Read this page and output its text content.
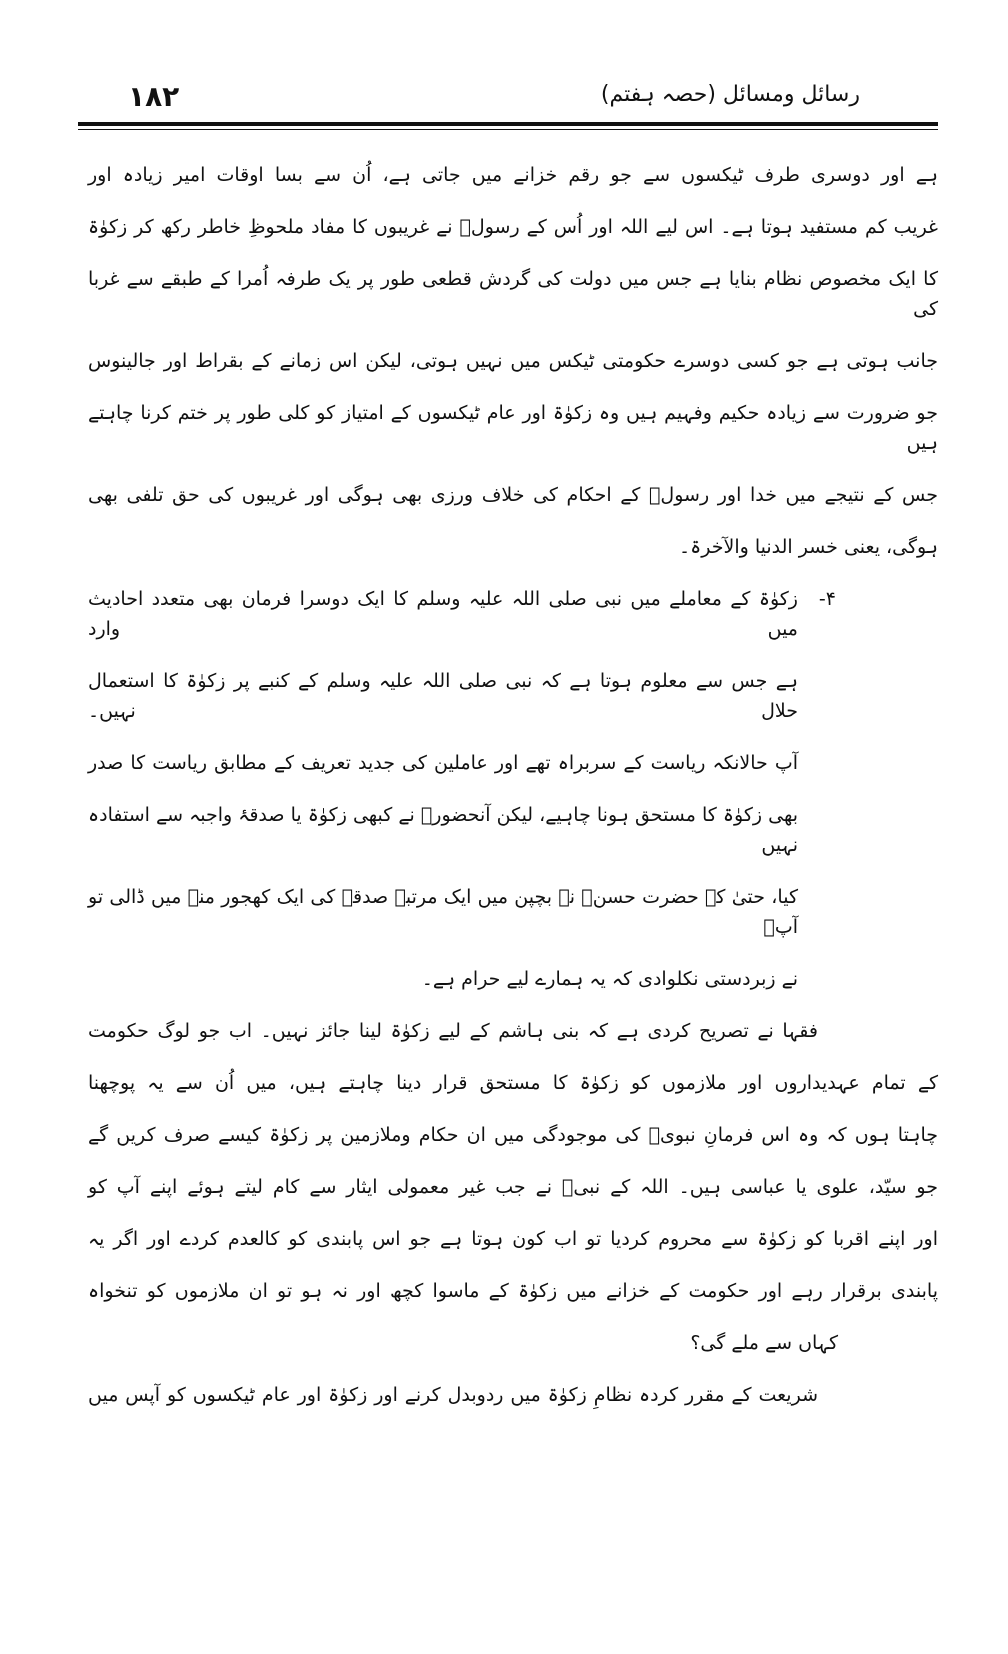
رسائل ومسائل (حصہ ہفتم)
۱۸۲
ہے اور دوسری طرف ٹیکسوں سے جو رقم خزانے میں جاتی ہے، اُن سے بسا اوقات امیر زیادہ اور
غریب کم مستفید ہوتا ہے۔ اس لیے اللہ اور اُس کے رسولؐ نے غریبوں کا مفاد ملحوظِ خاطر رکھ کر زکوٰۃ
کا ایک مخصوص نظام بنایا ہے جس میں دولت کی گردش قطعی طور پر یک طرفہ اُمرا کے طبقے سے غربا کی
جانب ہوتی ہے جو کسی دوسرے حکومتی ٹیکس میں نہیں ہوتی، لیکن اس زمانے کے بقراط اور جالینوس
جو ضرورت سے زیادہ حکیم وفہیم ہیں وہ زکوٰۃ اور عام ٹیکسوں کے امتیاز کو کلی طور پر ختم کرنا چاہتے ہیں
جس کے نتیجے میں خدا اور رسولؐ کے احکام کی خلاف ورزی بھی ہوگی اور غریبوں کی حق تلفی بھی
ہوگی، یعنی خسر الدنیا والآخرۃ۔
۴-
زکوٰۃ کے معاملے میں نبی صلی اللہ علیہ وسلم کا ایک دوسرا فرمان بھی متعدد احادیث میں وارد
ہے جس سے معلوم ہوتا ہے کہ نبی صلی اللہ علیہ وسلم کے کنبے پر زکوٰۃ کا استعمال حلال نہیں۔
آپ حالانکہ ریاست کے سربراہ تھے اور عاملین کی جدید تعریف کے مطابق ریاست کا صدر
بھی زکوٰۃ کا مستحق ہونا چاہیے، لیکن آنحضورؐ نے کبھی زکوٰۃ یا صدقۂ واجبہ سے استفادہ نہیں
کیا، حتیٰ کہ حضرت حسنؓ نے بچپن میں ایک مرتبہ صدقے کی ایک کھجور منہ میں ڈالی تو آپؐ
نے زبردستی نکلوادی کہ یہ ہمارے لیے حرام ہے۔
فقہا نے تصریح کردی ہے کہ بنی ہاشم کے لیے زکوٰۃ لینا جائز نہیں۔ اب جو لوگ حکومت
کے تمام عہدیداروں اور ملازموں کو زکوٰۃ کا مستحق قرار دینا چاہتے ہیں، میں اُن سے یہ پوچھنا
چاہتا ہوں کہ وہ اس فرمانِ نبویؐ کی موجودگی میں ان حکام وملازمین پر زکوٰۃ کیسے صرف کریں گے
جو سیّد، علوی یا عباسی ہیں۔ اللہ کے نبیؐ نے جب غیر معمولی ایثار سے کام لیتے ہوئے اپنے آپ کو
اور اپنے اقربا کو زکوٰۃ سے محروم کردیا تو اب کون ہوتا ہے جو اس پابندی کو کالعدم کردے اور اگر یہ
پابندی برقرار رہے اور حکومت کے خزانے میں زکوٰۃ کے ماسوا کچھ اور نہ ہو تو ان ملازموں کو تنخواہ
کہاں سے ملے گی؟
شریعت کے مقرر کردہ نظامِ زکوٰۃ میں ردوبدل کرنے اور زکوٰۃ اور عام ٹیکسوں کو آپس میں
